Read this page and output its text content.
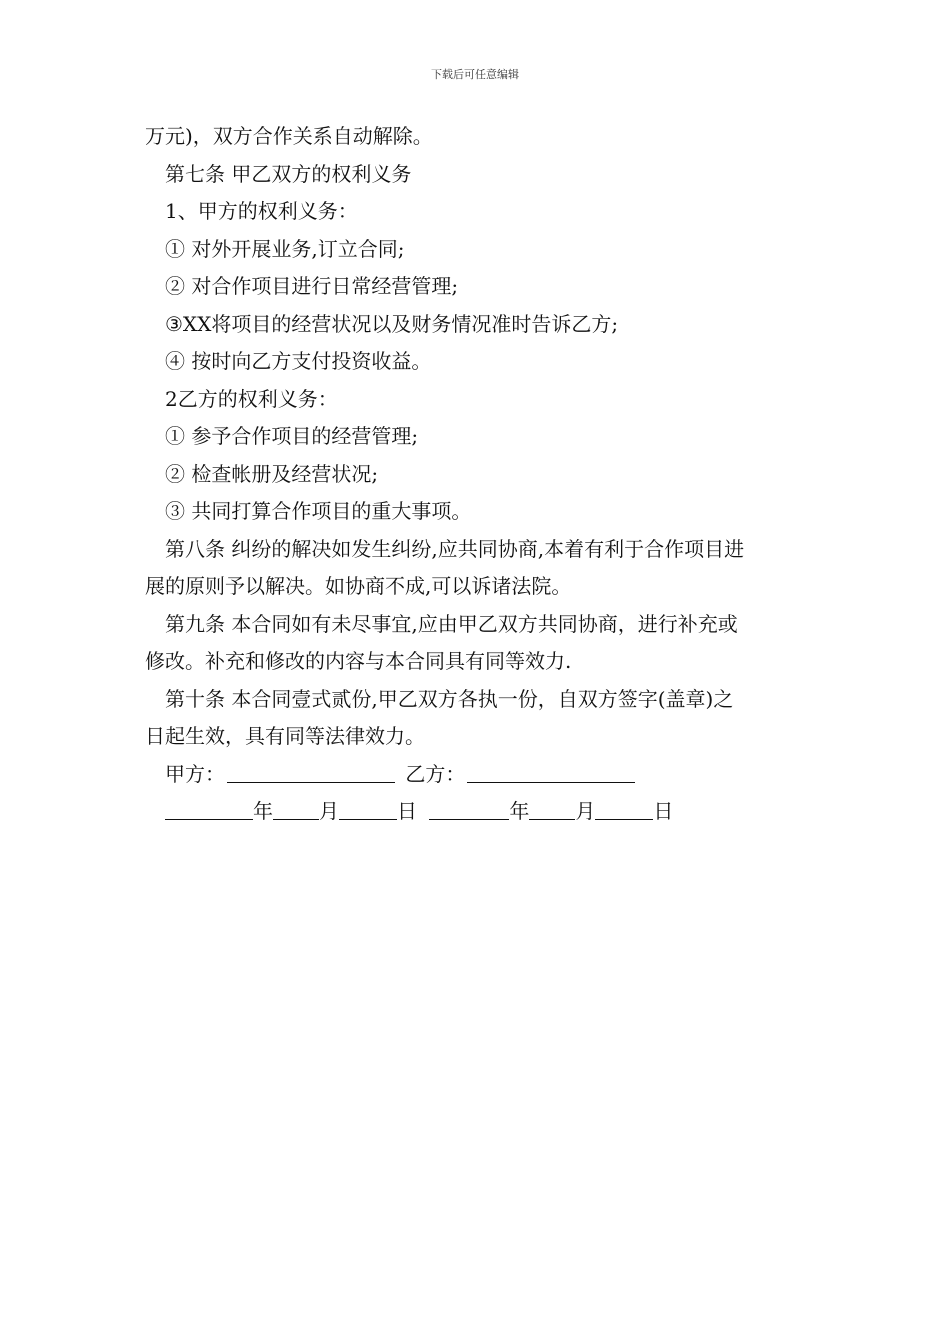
下载后可任意编辑
万元)，双方合作关系自动解除。
第七条 甲乙双方的权利义务
1、甲方的权利义务：
① 对外开展业务,订立合同;
② 对合作项目进行日常经营管理;
③XX将项目的经营状况以及财务情况准时告诉乙方;
④ 按时向乙方支付投资收益。
2乙方的权利义务：
① 参予合作项目的经营管理;
② 检查帐册及经营状况;
③ 共同打算合作项目的重大事项。
第八条 纠纷的解决如发生纠纷,应共同协商,本着有利于合作项目进
展的原则予以解决。如协商不成,可以诉诸法院。
第九条 本合同如有未尽事宜,应由甲乙双方共同协商，进行补充或
修改。补充和修改的内容与本合同具有同等效力.
第十条 本合同壹式贰份,甲乙双方各执一份，自双方签字(盖章)之
日起生效，具有同等法律效力。
甲方：	乙方：
年 月	日	年 月	日
